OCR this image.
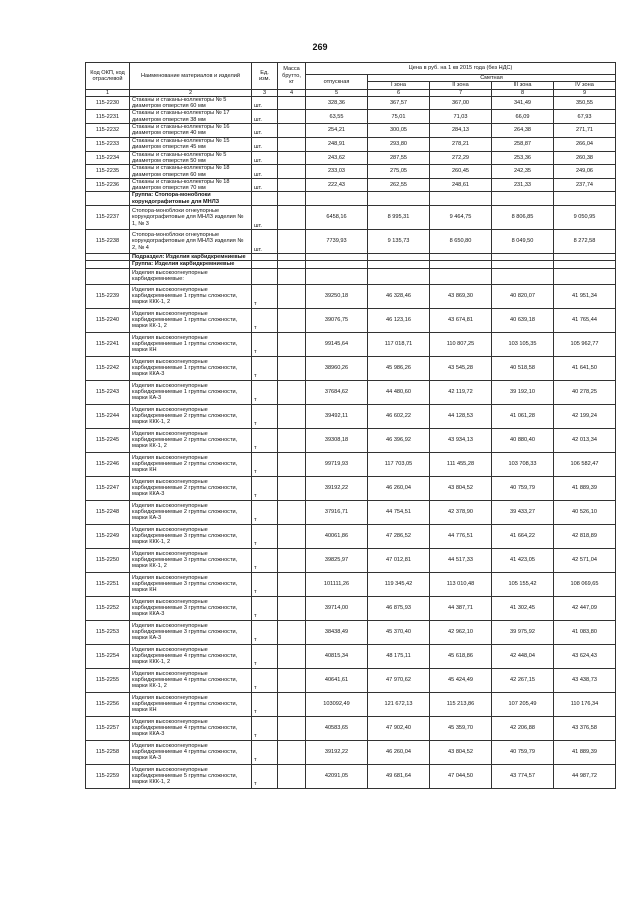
269
Код ОКП, код отраслевой	Наименование материалов и изделий	Ед. изм.	Масса брутто, кг	Цена в руб. на 1 кв 2015 года (без НДС)				
				отпускная	Сметная			
					I зона	II зона	III зона	IV зона
1	2	3	4	5	6	7	8	9
115-2230	Стаканы и стаканы-коллекторы № 5 диаметром отверстия 60 мм	шт.		328,36	367,57	367,00	341,49	350,55
115-2231	Стаканы и стаканы-коллекторы № 17 диаметром отверстия 38 мм	шт.		63,55	75,01	71,03	66,09	67,93
115-2232	Стаканы и стаканы-коллекторы № 16 диаметром отверстия 40 мм	шт.		254,21	300,05	284,13	264,38	271,71
115-2233	Стаканы и стаканы-коллекторы № 15 диаметром отверстия 45 мм	шт.		248,91	293,80	278,21	258,87	266,04
115-2234	Стаканы и стаканы-коллекторы № 5 диаметром отверстия 50 мм	шт.		243,62	287,55	272,29	253,36	260,38
115-2235	Стаканы и стаканы-коллекторы № 18 диаметром отверстия 60 мм	шт.		233,03	275,05	260,45	242,35	249,06
115-2236	Стаканы и стаканы-коллекторы № 18 диаметром отверстия 70 мм	шт.		222,43	262,55	248,61	231,33	237,74
	Группа: Стопора-моноблоки корундографитовые для МНЛЗ							
115-2237	Стопора-моноблоки огнеупорные корундографитовые для МНЛЗ изделия № 1, № 3	шт.		6458,16	8 995,31	9 464,75	8 806,85	9 050,95
115-2238	Стопора-моноблоки огнеупорные корундографитовые для МНЛЗ изделия № 2, № 4	шт.		7739,93	9 135,73	8 650,80	8 049,50	8 272,58
	Подраздел: Изделия карбидкремниевые							
	Группа: Изделия карбидкремниевые							
	Изделия высокоогнеупорные карбидкремниевые:							
115-2239	Изделия высокоогнеупорные карбидкремниевые 1 группы сложности, марки ККК-1, 2	т		39250,18	46 328,46	43 869,30	40 820,07	41 951,34
115-2240	Изделия высокоогнеупорные карбидкремниевые 1 группы сложности, марки КК-1, 2	т		39076,75	46 123,16	43 674,81	40 639,18	41 765,44
115-2241	Изделия высокоогнеупорные карбидкремниевые 1 группы сложности, марки КН	т		99145,64	117 018,71	110 807,25	103 105,35	105 962,77
115-2242	Изделия высокоогнеупорные карбидкремниевые 1 группы сложности, марки ККА-3	т		38960,26	45 986,26	43 545,28	40 518,58	41 641,50
115-2243	Изделия высокоогнеупорные карбидкремниевые 1 группы сложности, марки КА-3	т		37684,62	44 480,60	42 119,72	39 192,10	40 278,25
115-2244	Изделия высокоогнеупорные карбидкремниевые 2 группы сложности, марки ККК-1, 2	т		39492,11	46 602,22	44 128,53	41 061,28	42 199,24
115-2245	Изделия высокоогнеупорные карбидкремниевые 2 группы сложности, марки КК-1, 2	т		39308,18	46 396,92	43 934,13	40 880,40	42 013,34
115-2246	Изделия высокоогнеупорные карбидкремниевые 2 группы сложности, марки КН	т		99719,93	117 703,05	111 455,28	103 708,33	106 582,47
115-2247	Изделия высокоогнеупорные карбидкремниевые 2 группы сложности, марки ККА-3	т		39192,22	46 260,04	43 804,52	40 759,79	41 889,39
115-2248	Изделия высокоогнеупорные карбидкремниевые 2 группы сложности, марки КА-3	т		37916,71	44 754,51	42 378,90	39 433,27	40 526,10
115-2249	Изделия высокоогнеупорные карбидкремниевые 3 группы сложности, марки ККК-1, 2	т		40061,86	47 286,52	44 776,51	41 664,22	42 818,89
115-2250	Изделия высокоогнеупорные карбидкремниевые 3 группы сложности, марки КК-1, 2	т		39825,97	47 012,81	44 517,33	41 423,05	42 571,04
115-2251	Изделия высокоогнеупорные карбидкремниевые 3 группы сложности, марки КН	т		101111,26	119 345,42	113 010,48	105 155,42	108 069,65
115-2252	Изделия высокоогнеупорные карбидкремниевые 3 группы сложности, марки ККА-3	т		39714,00	46 875,93	44 387,71	41 302,45	42 447,09
115-2253	Изделия высокоогнеупорные карбидкремниевые 3 группы сложности, марки КА-3	т		38438,49	45 370,40	42 962,10	39 975,92	41 083,80
115-2254	Изделия высокоогнеупорные карбидкремниевые 4 группы сложности, марки ККК-1, 2	т		40815,34	48 175,11	45 618,86	42 448,04	43 624,43
115-2255	Изделия высокоогнеупорные карбидкремниевые 4 группы сложности, марки КК-1, 2	т		40641,61	47 970,62	45 424,49	42 267,15	43 438,73
115-2256	Изделия высокоогнеупорные карбидкремниевые 4 группы сложности, марки КН	т		103092,49	121 672,13	115 213,86	107 205,49	110 176,34
115-2257	Изделия высокоогнеупорные карбидкремниевые 4 группы сложности, марки ККА-3	т		40583,65	47 902,40	45 359,70	42 206,88	43 376,58
115-2258	Изделия высокоогнеупорные карбидкремниевые 4 группы сложности, марки КА-3	т		39192,22	46 260,04	43 804,52	40 759,79	41 889,39
115-2259	Изделия высокоогнеупорные карбидкремниевые 5 группы сложности, марки ККК-1, 2	т		42091,05	49 681,64	47 044,50	43 774,57	44 987,72
